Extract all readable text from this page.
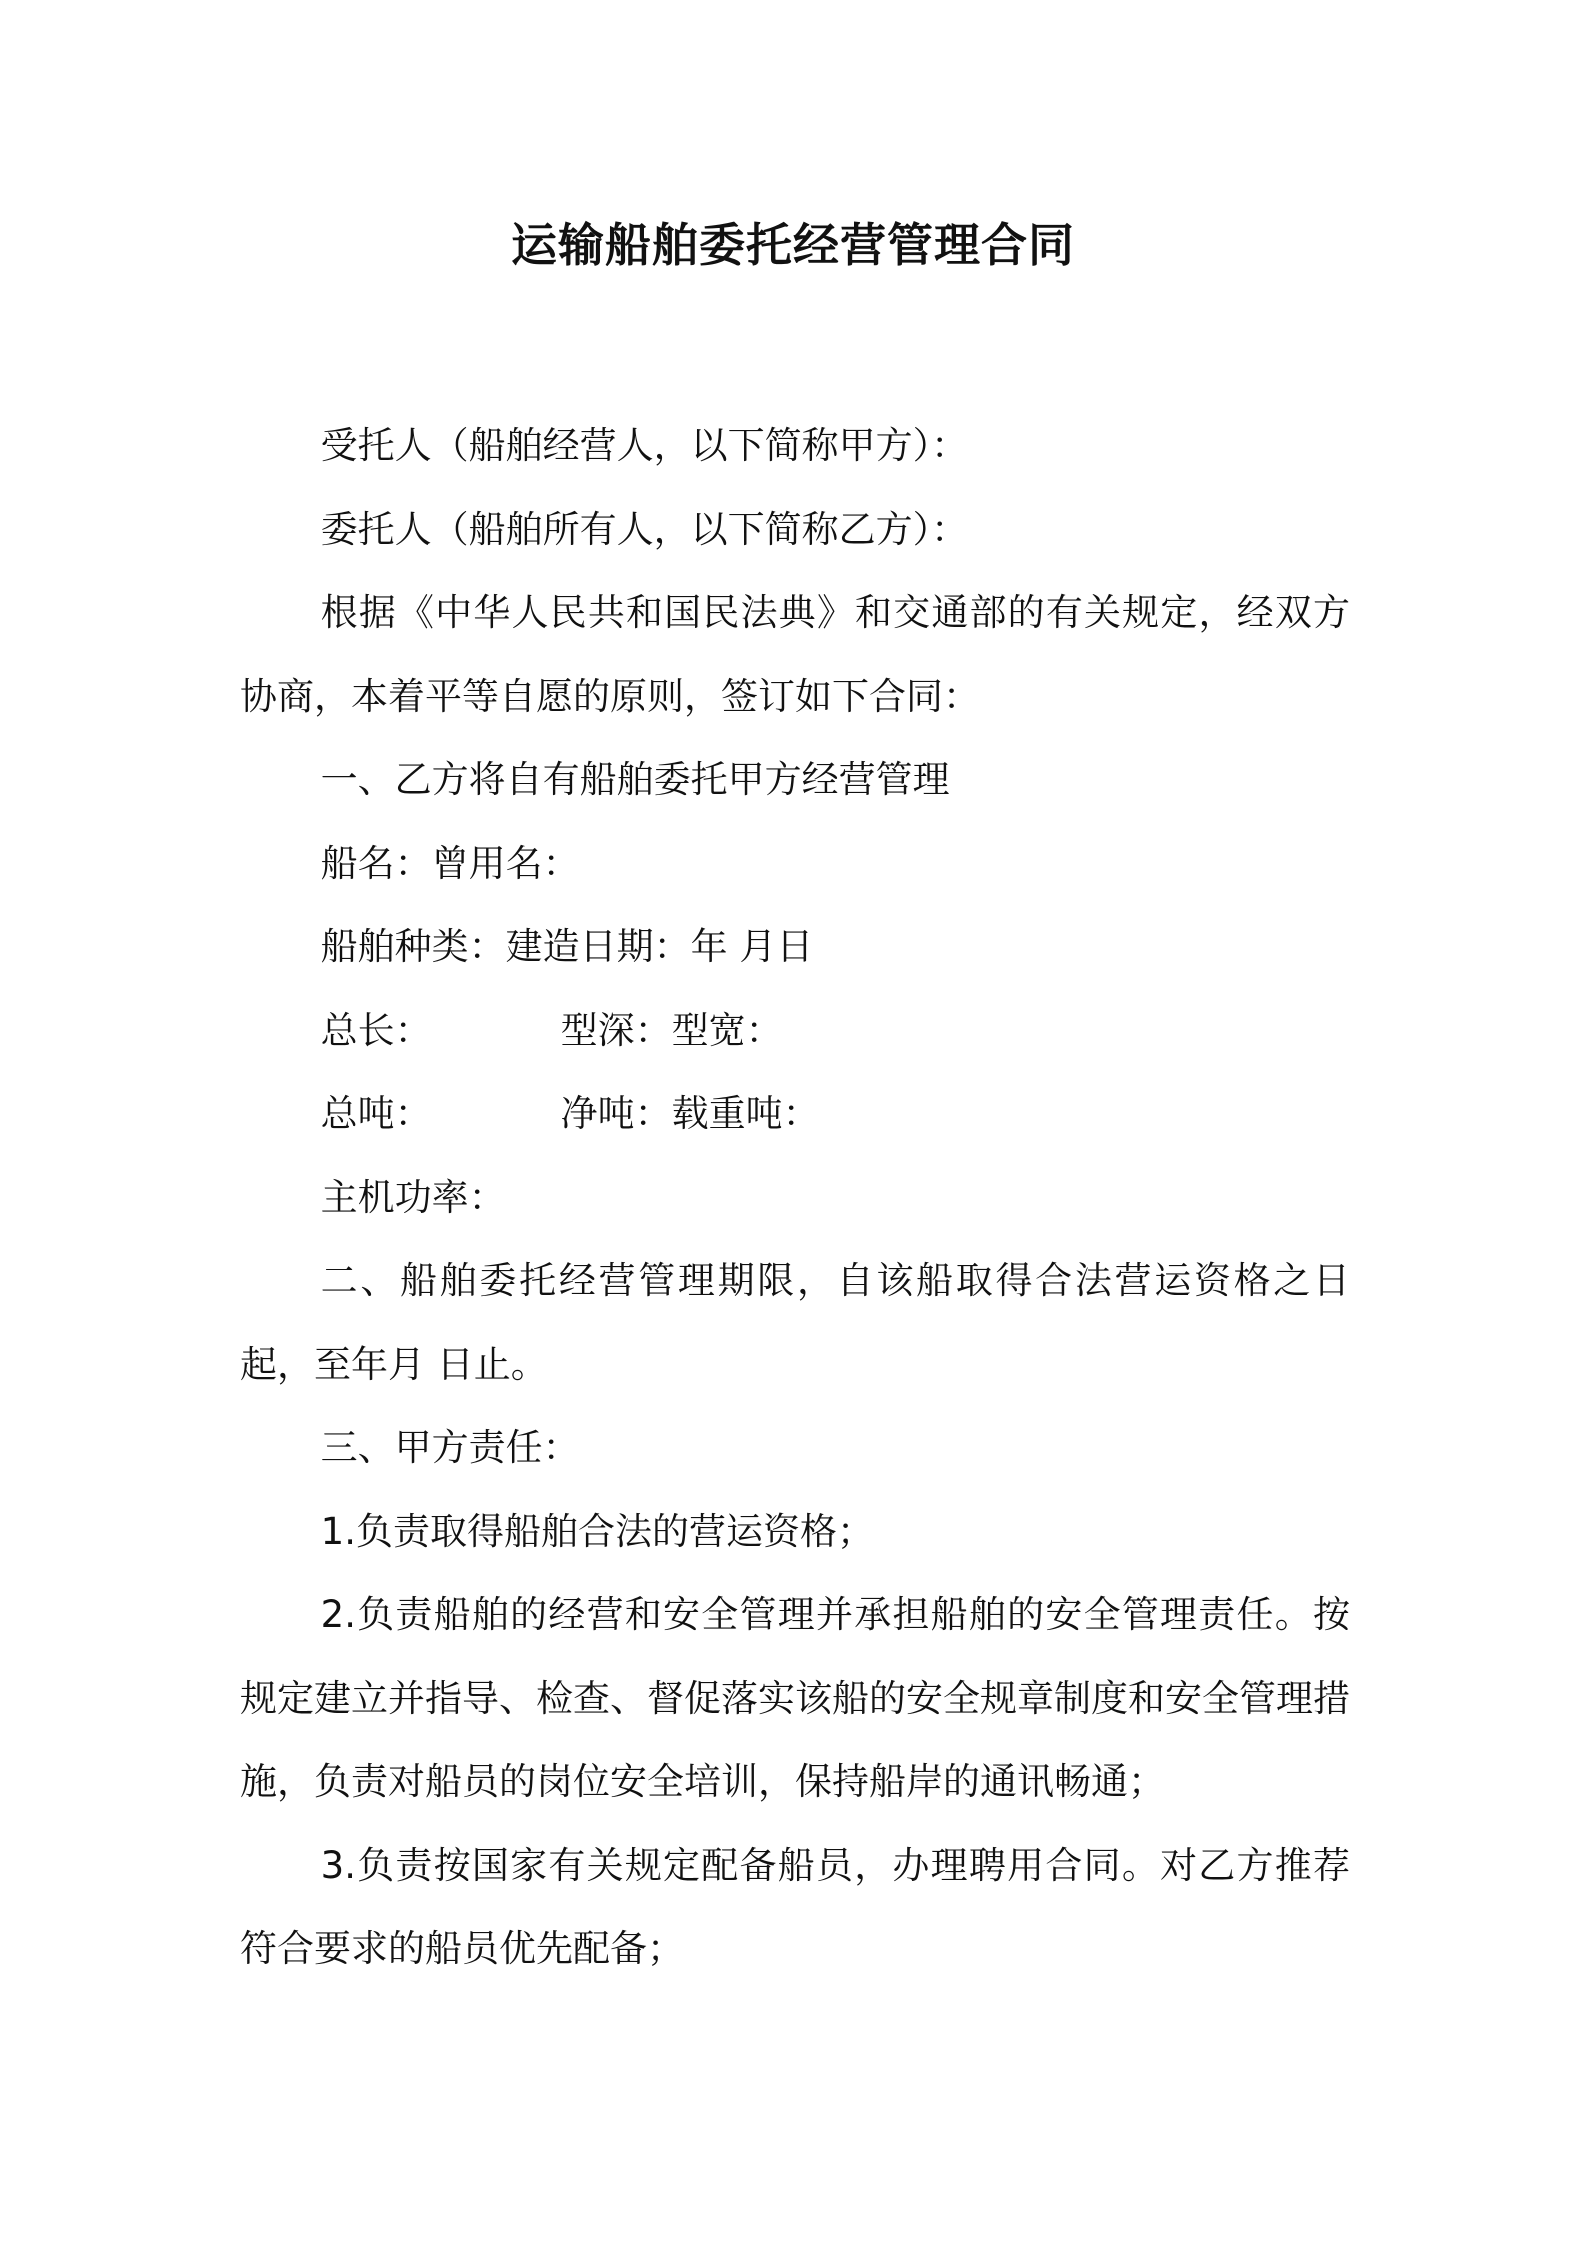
运输船舶委托经营管理合同

受托人（船舶经营人，以下简称甲方）：

委托人（船舶所有人，以下简称乙方）：

根据《中华人民共和国民法典》和交通部的有关规定，经双方协商，本着平等自愿的原则，签订如下合同：

一、乙方将自有船舶委托甲方经营管理

船名：曾用名：

船舶种类：建造日期：年 月日

总长：	型深：型宽：
总吨：	净吨：载重吨：

主机功率：

二、船舶委托经营管理期限，自该船取得合法营运资格之日起，至年月 日止。

三、甲方责任：

1.负责取得船舶合法的营运资格；

2.负责船舶的经营和安全管理并承担船舶的安全管理责任。按规定建立并指导、检查、督促落实该船的安全规章制度和安全管理措施，负责对船员的岗位安全培训，保持船岸的通讯畅通；

3.负责按国家有关规定配备船员，办理聘用合同。对乙方推荐符合要求的船员优先配备；
